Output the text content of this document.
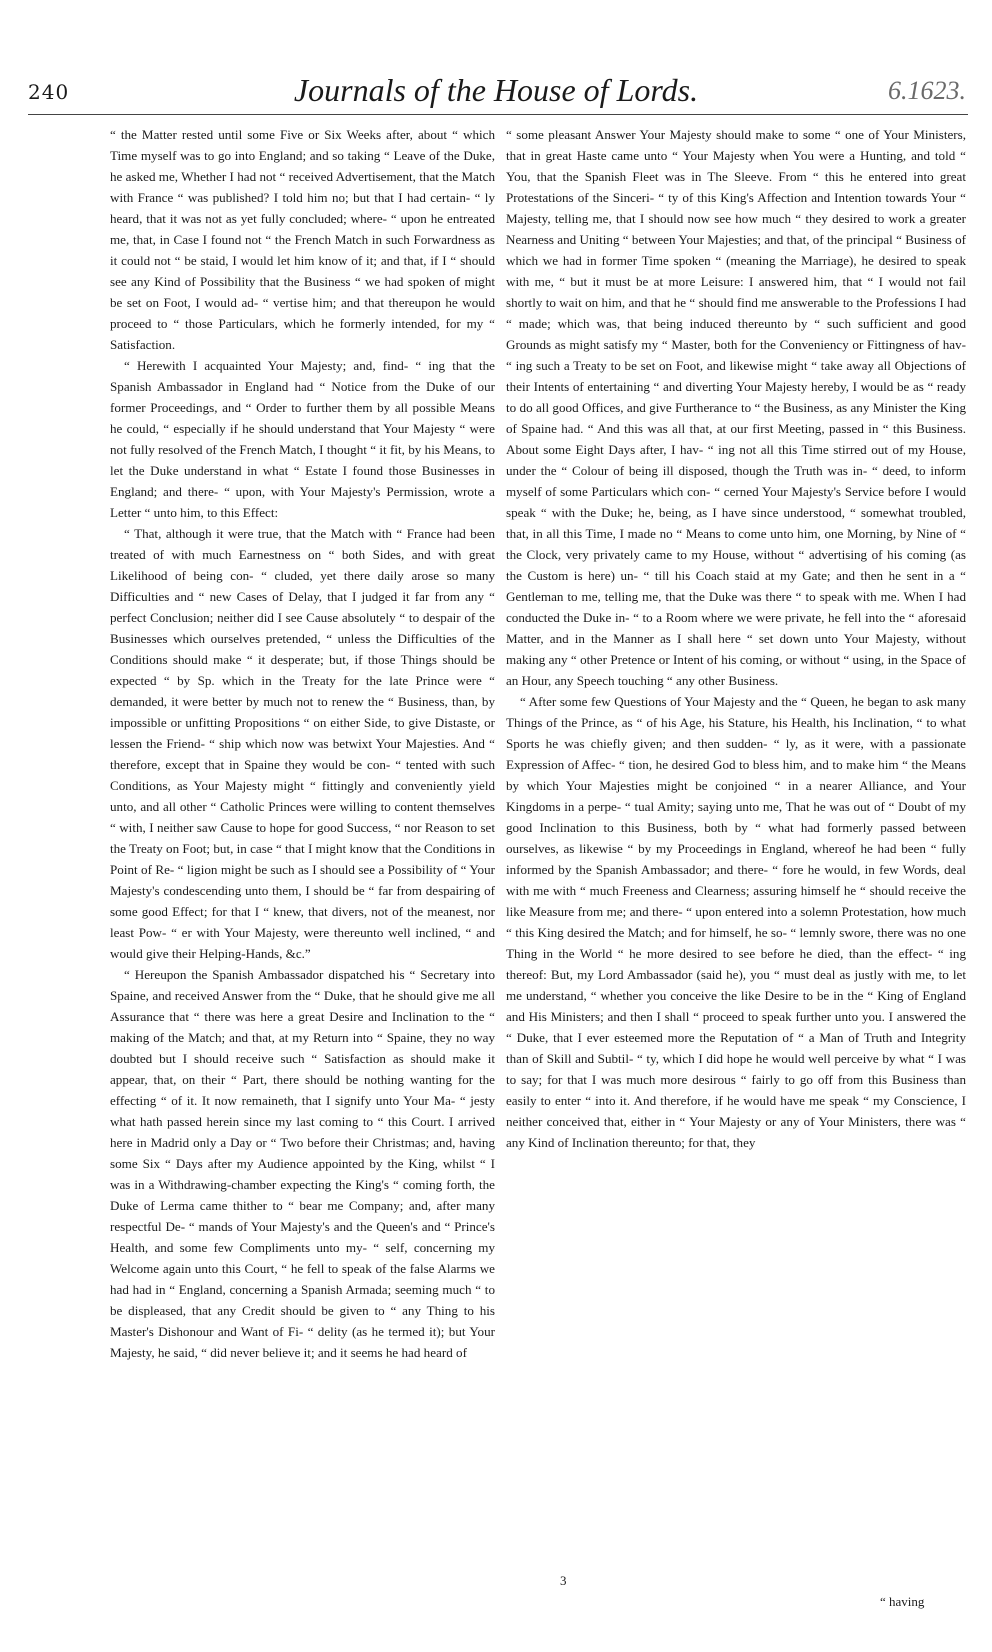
240	Journals of the House of Lords.	6.1623.

“ the Matter rested until some Five or Six Weeks after, about “ which Time myself was to go into England; and so taking “ Leave of the Duke, he asked me, Whether I had not “ received Advertisement, that the Match with France “ was published? I told him no; but that I had certain- “ ly heard, that it was not as yet fully concluded; where- “ upon he entreated me, that, in Case I found not “ the French Match in such Forwardness as it could not “ be staid, I would let him know of it; and that, if I “ should see any Kind of Possibility that the Business “ we had spoken of might be set on Foot, I would ad- “ vertise him; and that thereupon he would proceed to “ those Particulars, which he formerly intended, for my “ Satisfaction.

“ Herewith I acquainted Your Majesty; and, find- “ ing that the Spanish Ambassador in England had “ Notice from the Duke of our former Proceedings, and “ Order to further them by all possible Means he could, “ especially if he should understand that Your Majesty “ were not fully resolved of the French Match, I thought “ it fit, by his Means, to let the Duke understand in what “ Estate I found those Businesses in England; and there- “ upon, with Your Majesty's Permission, wrote a Letter “ unto him, to this Effect:

“ That, although it were true, that the Match with “ France had been treated of with much Earnestness on “ both Sides, and with great Likelihood of being con- “ cluded, yet there daily arose so many Difficulties and “ new Cases of Delay, that I judged it far from any “ perfect Conclusion; neither did I see Cause absolutely “ to despair of the Businesses which ourselves pretended, “ unless the Difficulties of the Conditions should make “ it desperate; but, if those Things should be expected “ by Sp. which in the Treaty for the late Prince were “ demanded, it were better by much not to renew the “ Business, than, by impossible or unfitting Propositions “ on either Side, to give Distaste, or lessen the Friend- “ ship which now was betwixt Your Majesties. And “ therefore, except that in Spaine they would be con- “ tented with such Conditions, as Your Majesty might “ fittingly and conveniently yield unto, and all other “ Catholic Princes were willing to content themselves “ with, I neither saw Cause to hope for good Success, “ nor Reason to set the Treaty on Foot; but, in case “ that I might know that the Conditions in Point of Re- “ ligion might be such as I should see a Possibility of “ Your Majesty's condescending unto them, I should be “ far from despairing of some good Effect; for that I “ knew, that divers, not of the meanest, nor least Pow- “ er with Your Majesty, were thereunto well inclined, “ and would give their Helping-Hands, &c.”

“ Hereupon the Spanish Ambassador dispatched his “ Secretary into Spaine, and received Answer from the “ Duke, that he should give me all Assurance that “ there was here a great Desire and Inclination to the “ making of the Match; and that, at my Return into “ Spaine, they no way doubted but I should receive such “ Satisfaction as should make it appear, that, on their “ Part, there should be nothing wanting for the effecting “ of it. It now remaineth, that I signify unto Your Ma- “ jesty what hath passed herein since my last coming to “ this Court. I arrived here in Madrid only a Day or “ Two before their Christmas; and, having some Six “ Days after my Audience appointed by the King, whilst “ I was in a Withdrawing-chamber expecting the King's “ coming forth, the Duke of Lerma came thither to “ bear me Company; and, after many respectful De- “ mands of Your Majesty's and the Queen's and “ Prince's Health, and some few Compliments unto my- “ self, concerning my Welcome again unto this Court, “ he fell to speak of the false Alarms we had had in “ England, concerning a Spanish Armada; seeming much “ to be displeased, that any Credit should be given to “ any Thing to his Master's Dishonour and Want of Fi- “ delity (as he termed it); but Your Majesty, he said, “ did never believe it; and it seems he had heard of

“ some pleasant Answer Your Majesty should make to some “ one of Your Ministers, that in great Haste came unto “ Your Majesty when You were a Hunting, and told “ You, that the Spanish Fleet was in The Sleeve. From “ this he entered into great Protestations of the Sinceri- “ ty of this King's Affection and Intention towards Your “ Majesty, telling me, that I should now see how much “ they desired to work a greater Nearness and Uniting “ between Your Majesties; and that, of the principal “ Business of which we had in former Time spoken “ (meaning the Marriage), he desired to speak with me, “ but it must be at more Leisure: I answered him, that “ I would not fail shortly to wait on him, and that he “ should find me answerable to the Professions I had “ made; which was, that being induced thereunto by “ such sufficient and good Grounds as might satisfy my “ Master, both for the Conveniency or Fittingness of hav- “ ing such a Treaty to be set on Foot, and likewise might “ take away all Objections of their Intents of entertaining “ and diverting Your Majesty hereby, I would be as “ ready to do all good Offices, and give Furtherance to “ the Business, as any Minister the King of Spaine had. “ And this was all that, at our first Meeting, passed in “ this Business. About some Eight Days after, I hav- “ ing not all this Time stirred out of my House, under the “ Colour of being ill disposed, though the Truth was in- “ deed, to inform myself of some Particulars which con- “ cerned Your Majesty's Service before I would speak “ with the Duke; he, being, as I have since understood, “ somewhat troubled, that, in all this Time, I made no “ Means to come unto him, one Morning, by Nine of “ the Clock, very privately came to my House, without “ advertising of his coming (as the Custom is here) un- “ till his Coach staid at my Gate; and then he sent in a “ Gentleman to me, telling me, that the Duke was there “ to speak with me. When I had conducted the Duke in- “ to a Room where we were private, he fell into the “ aforesaid Matter, and in the Manner as I shall here “ set down unto Your Majesty, without making any “ other Pretence or Intent of his coming, or without “ using, in the Space of an Hour, any Speech touching “ any other Business.

“ After some few Questions of Your Majesty and the “ Queen, he began to ask many Things of the Prince, as “ of his Age, his Stature, his Health, his Inclination, “ to what Sports he was chiefly given; and then sudden- “ ly, as it were, with a passionate Expression of Affec- “ tion, he desired God to bless him, and to make him “ the Means by which Your Majesties might be conjoined “ in a nearer Alliance, and Your Kingdoms in a perpe- “ tual Amity; saying unto me, That he was out of “ Doubt of my good Inclination to this Business, both by “ what had formerly passed between ourselves, as likewise “ by my Proceedings in England, whereof he had been “ fully informed by the Spanish Ambassador; and there- “ fore he would, in few Words, deal with me with “ much Freeness and Clearness; assuring himself he “ should receive the like Measure from me; and there- “ upon entered into a solemn Protestation, how much “ this King desired the Match; and for himself, he so- “ lemnly swore, there was no one Thing in the World “ he more desired to see before he died, than the effect- “ ing thereof: But, my Lord Ambassador (said he), you “ must deal as justly with me, to let me understand, “ whether you conceive the like Desire to be in the “ King of England and His Ministers; and then I shall “ proceed to speak further unto you. I answered the “ Duke, that I ever esteemed more the Reputation of “ a Man of Truth and Integrity than of Skill and Subtil- “ ty, which I did hope he would well perceive by what “ I was to say; for that I was much more desirous “ fairly to go off from this Business than easily to enter “ into it. And therefore, if he would have me speak “ my Conscience, I neither conceived that, either in “ Your Majesty or any of Your Ministers, there was “ any Kind of Inclination thereunto; for that, they

3
“ having
